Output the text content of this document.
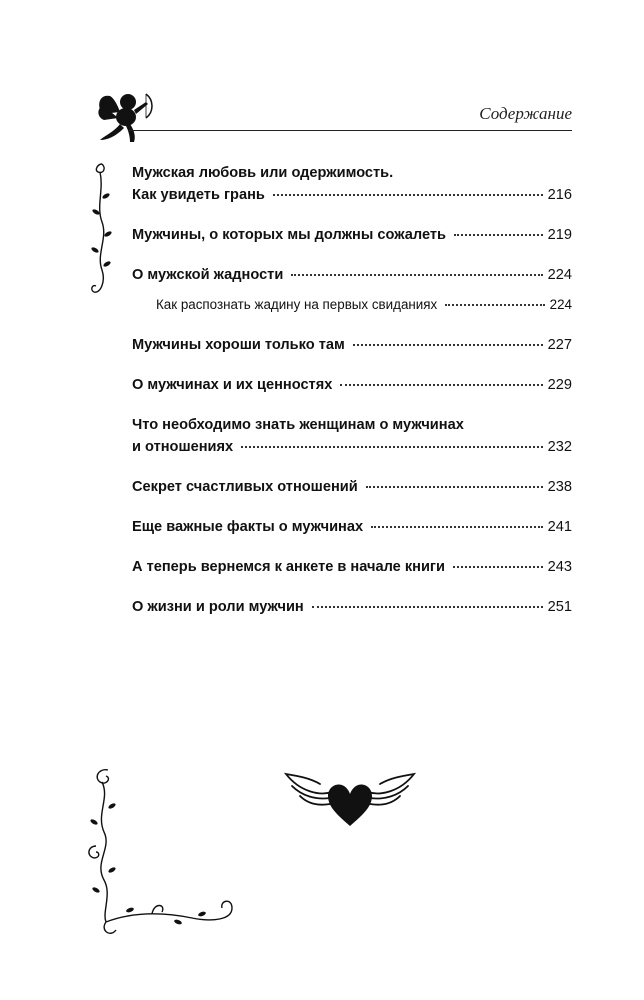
Содержание
Мужская любовь или одержимость.
Как увидеть грань	216
Мужчины, о которых мы должны сожалеть	219
О мужской жадности	224
Как распознать жадину на первых свиданиях	224
Мужчины хороши только там	227
О мужчинах и их ценностях	229
Что необходимо знать женщинам о мужчинах
и отношениях	232
Секрет счастливых отношений	238
Еще важные факты о мужчинах	241
А теперь вернемся к анкете в начале книги	243
О жизни и роли мужчин	251
